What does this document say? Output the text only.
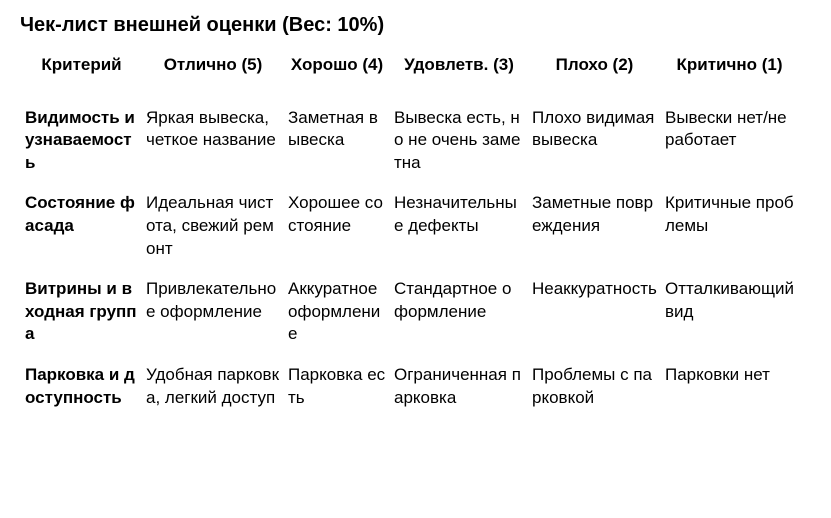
Чек-лист внешней оценки (Вес: 10%)
Критерий	Отлично (5)	Хорошо (4)	Удовлетв. (3)	Плохо (2)	Критично (1)
Видимость и узнаваемость	Яркая вывеска, четкое название	Заметная вывеска	Вывеска есть, но не очень заметна	Плохо видимая вывеска	Вывески нет/не работает
Состояние фасада	Идеальная чистота, свежий ремонт	Хорошее состояние	Незначительные дефекты	Заметные повреждения	Критичные проблемы
Витрины и входная группа	Привлекательное оформление	Аккуратное оформление	Стандартное оформление	Неаккуратность	Отталкивающий вид
Парковка и доступность	Удобная парковка, легкий доступ	Парковка есть	Ограниченная парковка	Проблемы с парковкой	Парковки нет
